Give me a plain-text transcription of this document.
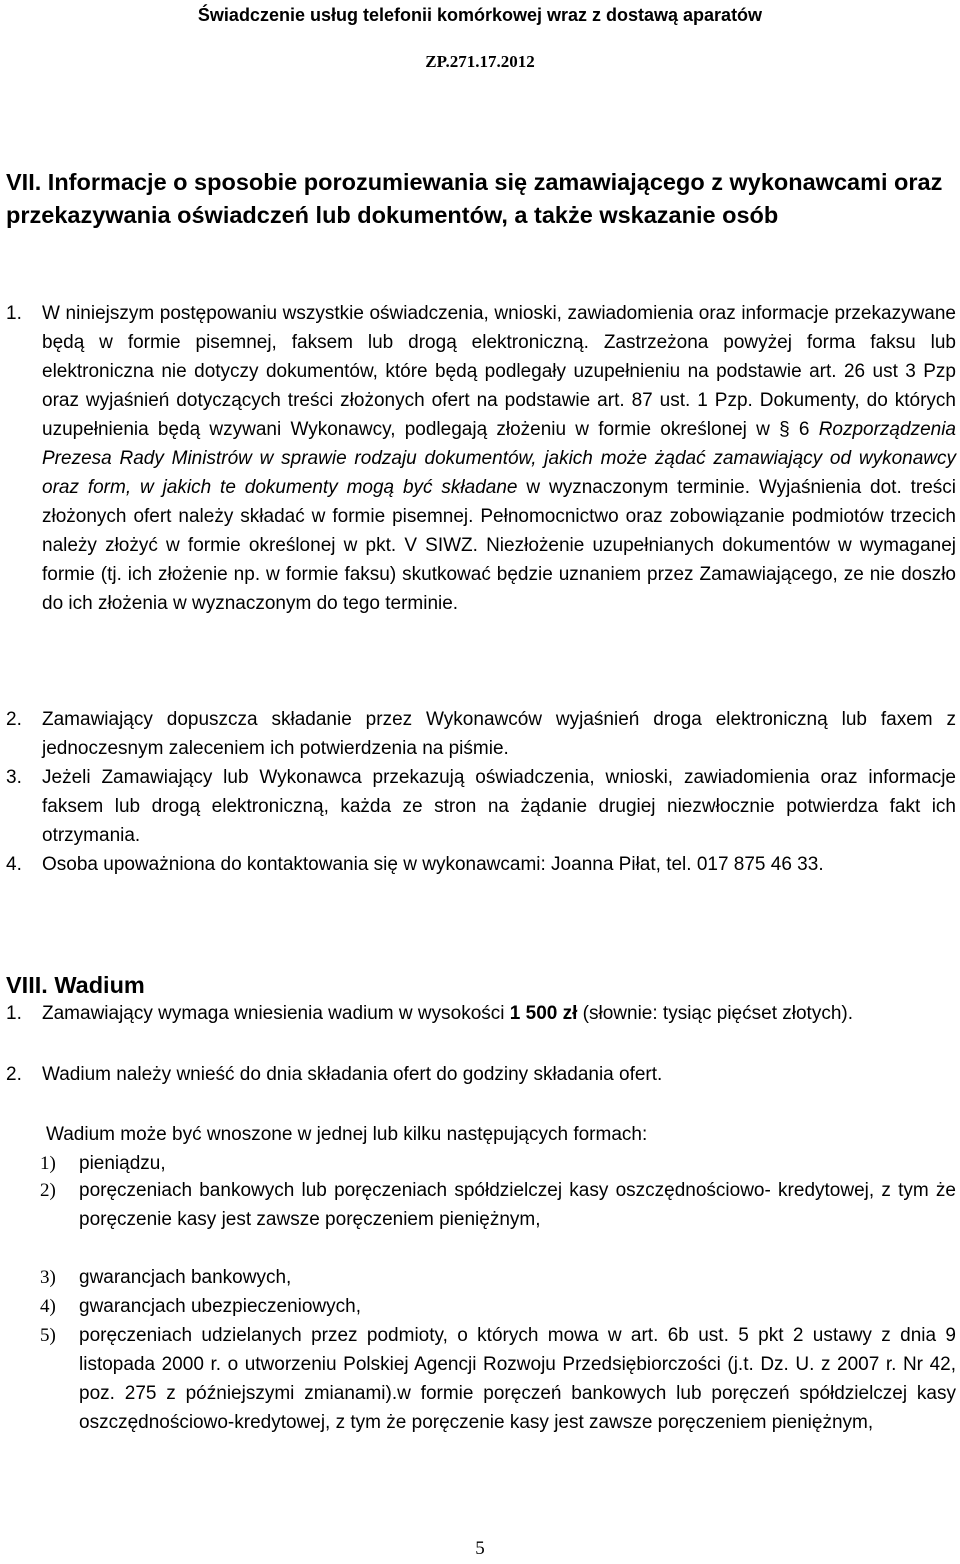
Świadczenie usług telefonii komórkowej wraz z dostawą aparatów
ZP.271.17.2012
VII. Informacje o sposobie porozumiewania się zamawiającego z wykonawcami oraz przekazywania oświadczeń lub dokumentów, a także wskazanie osób
1. W niniejszym postępowaniu wszystkie oświadczenia, wnioski, zawiadomienia oraz informacje przekazywane będą w formie pisemnej, faksem lub drogą elektroniczną. Zastrzeżona powyżej forma faksu lub elektroniczna nie dotyczy dokumentów, które będą podlegały uzupełnieniu na podstawie art. 26 ust 3 Pzp oraz wyjaśnień dotyczących treści złożonych ofert na podstawie art. 87 ust. 1 Pzp. Dokumenty, do których uzupełnienia będą wzywani Wykonawcy, podlegają złożeniu w formie określonej w § 6 Rozporządzenia Prezesa Rady Ministrów w sprawie rodzaju dokumentów, jakich może żądać zamawiający od wykonawcy oraz form, w jakich te dokumenty mogą być składane w wyznaczonym terminie. Wyjaśnienia dot. treści złożonych ofert należy składać w formie pisemnej. Pełnomocnictwo oraz zobowiązanie podmiotów trzecich należy złożyć w formie określonej w pkt. V SIWZ. Niezłożenie uzupełnianych dokumentów w wymaganej formie (tj. ich złożenie np. w formie faksu) skutkować będzie uznaniem przez Zamawiającego, ze nie doszło do ich złożenia w wyznaczonym do tego terminie.
2. Zamawiający dopuszcza składanie przez Wykonawców wyjaśnień droga elektroniczną lub faxem z jednoczesnym zaleceniem ich potwierdzenia na piśmie.
3. Jeżeli Zamawiający lub Wykonawca przekazują oświadczenia, wnioski, zawiadomienia oraz informacje faksem lub drogą elektroniczną, każda ze stron na żądanie drugiej niezwłocznie potwierdza fakt ich otrzymania.
4. Osoba upoważniona do kontaktowania się w wykonawcami: Joanna Piłat, tel. 017 875 46 33.
VIII. Wadium
1. Zamawiający wymaga wniesienia wadium w wysokości 1 500 zł (słownie: tysiąc pięćset złotych).
2. Wadium należy wnieść do dnia składania ofert do godziny składania ofert.
Wadium może być wnoszone w jednej lub kilku następujących formach:
1) pieniądzu,
2) poręczeniach bankowych lub poręczeniach spółdzielczej kasy oszczędnościowo- kredytowej, z tym że poręczenie kasy jest zawsze poręczeniem pieniężnym,
3) gwarancjach bankowych,
4) gwarancjach ubezpieczeniowych,
5) poręczeniach udzielanych przez podmioty, o których mowa w art. 6b ust. 5 pkt 2 ustawy z dnia 9 listopada 2000 r. o utworzeniu Polskiej Agencji Rozwoju Przedsiębiorczości (j.t. Dz. U. z 2007 r. Nr 42, poz. 275 z późniejszymi zmianami).w formie poręczeń bankowych lub poręczeń spółdzielczej kasy oszczędnościowo-kredytowej, z tym że poręczenie kasy jest zawsze poręczeniem pieniężnym,
5
